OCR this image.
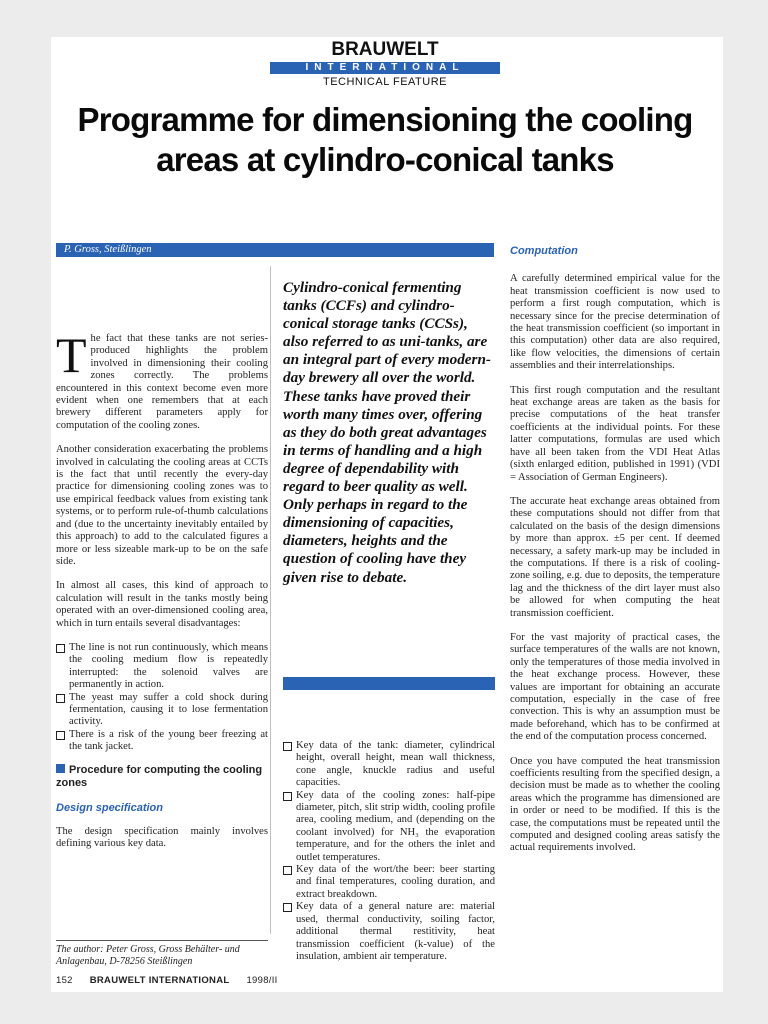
BRAUWELT
INTERNATIONAL
TECHNICAL FEATURE
Programme for dimensioning the cooling areas at cylindro-conical tanks
P. Gross, Steißlingen

The fact that these tanks are not series-produced highlights the problem involved in dimensioning their cooling zones correctly. The problems encountered in this context become even more evident when one remembers that at each brewery different parameters apply for computation of the cooling zones.

Another consideration exacerbating the problems involved in calculating the cooling areas at CCTs is the fact that until recently the every-day practice for dimensioning cooling zones was to use empirical feedback values from existing tank systems, or to perform rule-of-thumb calculations and (due to the uncertainty inevitably entailed by this approach) to add to the calculated figures a more or less sizeable mark-up to be on the safe side.

In almost all cases, this kind of approach to calculation will result in the tanks mostly being operated with an over-dimensioned cooling area, which in turn entails several disadvantages:

The line is not run continuously, which means the cooling medium flow is repeatedly interrupted: the solenoid valves are permanently in action.
The yeast may suffer a cold shock during fermentation, causing it to lose fermentation activity.
There is a risk of the young beer freezing at the tank jacket.
Procedure for computing the cooling zones
Design specification

The design specification mainly involves defining various key data.

Cylindro-conical fermenting tanks (CCFs) and cylindro-conical storage tanks (CCSs), also referred to as uni-tanks, are an integral part of every modern-day brewery all over the world. These tanks have proved their worth many times over, offering as they do both great advantages in terms of handling and a high degree of dependability with regard to beer quality as well. Only perhaps in regard to the dimensioning of capacities, diameters, heights and the question of cooling have they given rise to debate.
Key data of the tank: diameter, cylindrical height, overall height, mean wall thickness, cone angle, knuckle radius and useful capacities.
Key data of the cooling zones: half-pipe diameter, pitch, slit strip width, cooling profile area, cooling medium, and (depending on the coolant involved) for NH₃ the evaporation temperature, and for the others the inlet and outlet temperatures.
Key data of the wort/the beer: beer starting and final temperatures, cooling duration, and extract breakdown.
Key data of a general nature are: material used, thermal conductivity, soiling factor, additional thermal restitivity, heat transmission coefficient (k-value) of the insulation, ambient air temperature.
Computation

A carefully determined empirical value for the heat transmission coefficient is now used to perform a first rough computation, which is necessary since for the precise determination of the heat transmission coefficient (so important in this computation) other data are also required, like flow velocities, the dimensions of certain assemblies and their interrelationships.

This first rough computation and the resultant heat exchange areas are taken as the basis for precise computations of the heat transfer coefficients at the individual points. For these latter computations, formulas are used which have all been taken from the VDI Heat Atlas (sixth enlarged edition, published in 1991) (VDI = Association of German Engineers).

The accurate heat exchange areas obtained from these computations should not differ from that calculated on the basis of the design dimensions by more than approx. ±5 per cent. If deemed necessary, a safety mark-up may be included in the computations. If there is a risk of cooling-zone soiling, e.g. due to deposits, the temperature lag and the thickness of the dirt layer must also be allowed for when computing the heat transmission coefficient.

For the vast majority of practical cases, the surface temperatures of the walls are not known, only the temperatures of those media involved in the heat exchange process. However, these values are important for obtaining an accurate computation, especially in the case of free convection. This is why an assumption must be made beforehand, which has to be confirmed at the end of the computation process concerned.

Once you have computed the heat transmission coefficients resulting from the specified design, a decision must be made as to whether the cooling areas which the programme has dimensioned are in order or need to be modified. If this is the case, the computations must be repeated until the computed and designed cooling areas satisfy the actual requirements involved.

The author: Peter Gross, Gross Behälter- und Anlagenbau, D-78256 Steißlingen
152 BRAUWELT INTERNATIONAL 1998/II
